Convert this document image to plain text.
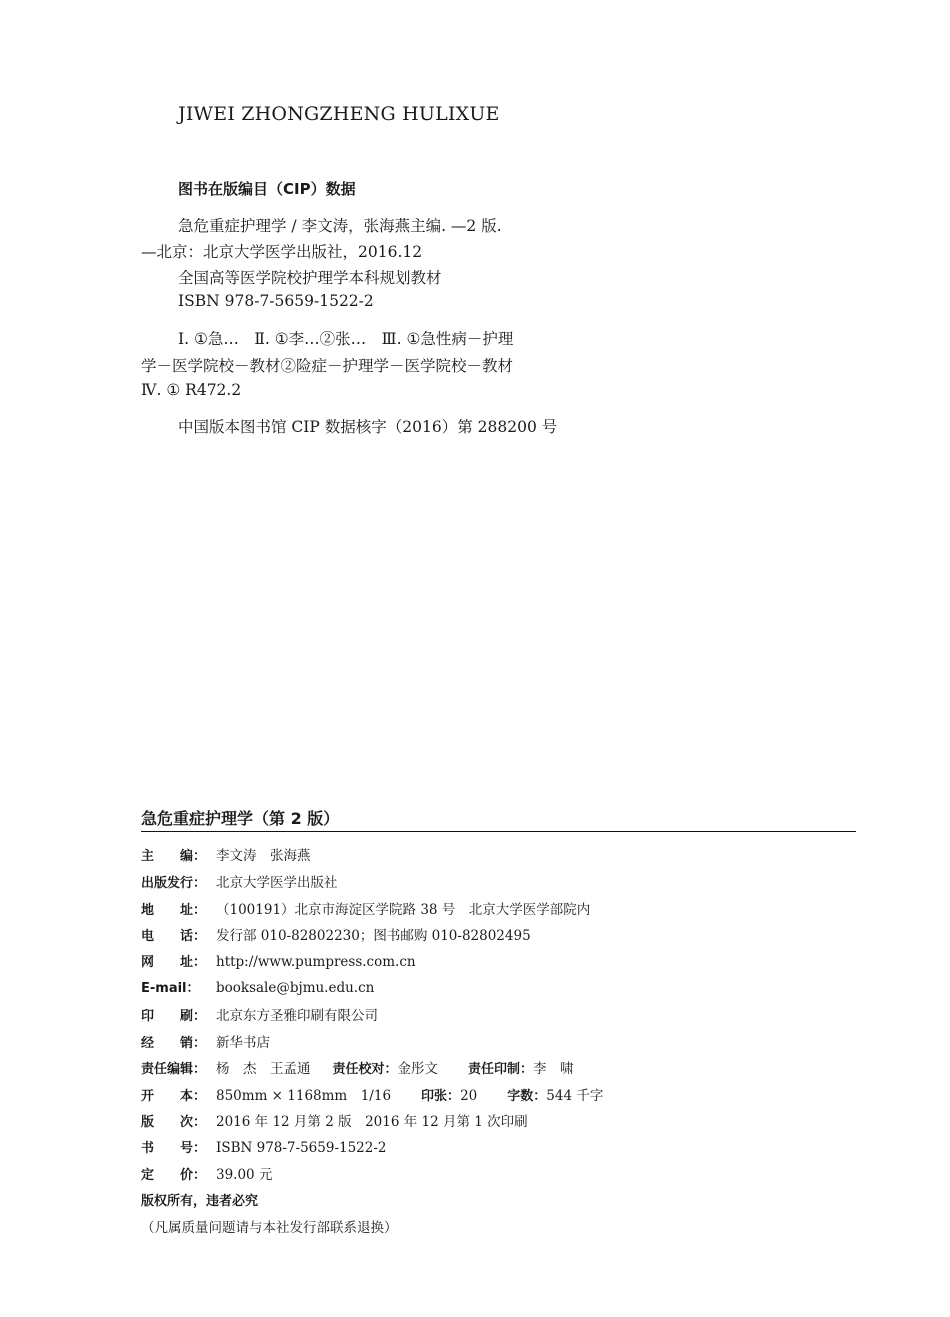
JIWEI ZHONGZHENG HULIXUE
图书在版编目（CIP）数据
急危重症护理学 / 李文涛，张海燕主编. —2 版.
—北京：北京大学医学出版社，2016.12
全国高等医学院校护理学本科规划教材
ISBN 978-7-5659-1522-2
Ⅰ. ①急…　Ⅱ. ①李…②张…　Ⅲ. ①急性病－护理
学－医学院校－教材②险症－护理学－医学院校－教材
Ⅳ. ① R472.2
中国版本图书馆 CIP 数据核字（2016）第 288200 号
急危重症护理学（第 2 版）
主　　编： 李文涛　张海燕
出版发行： 北京大学医学出版社
地　　址： （100191）北京市海淀区学院路 38 号　北京大学医学部院内
电　　话： 发行部 010-82802230；图书邮购 010-82802495
网　　址： http://www.pumpress.com.cn
E-mail： booksale@bjmu.edu.cn
印　　刷： 北京东方圣雅印刷有限公司
经　　销： 新华书店
责任编辑： 杨　杰　王孟通 责任校对：金彤文 责任印制：李　啸
开　　本： 850mm × 1168mm　1/16 印张：20 字数：544 千字
版　　次： 2016 年 12 月第 2 版　2016 年 12 月第 1 次印刷
书　　号： ISBN 978-7-5659-1522-2
定　　价： 39.00 元
版权所有，违者必究
（凡属质量问题请与本社发行部联系退换）
